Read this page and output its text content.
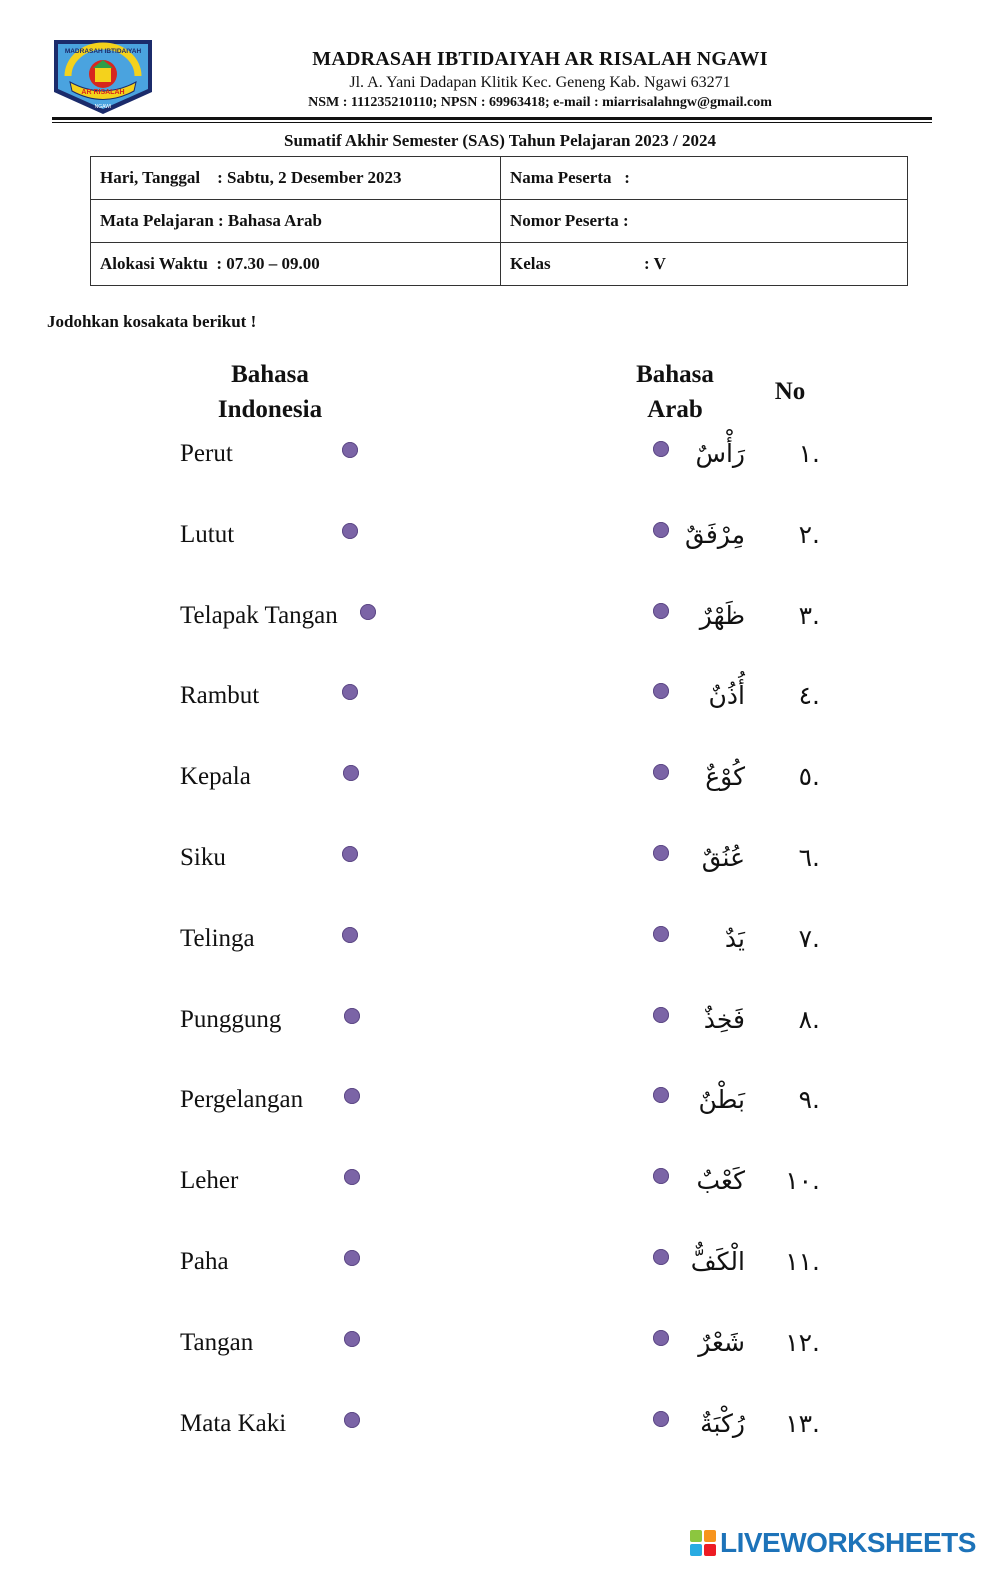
AR RISALAH
MADRASAH IBTIDAIYAH
NGAWI
MADRASAH IBTIDAIYAH AR RISALAH NGAWI
Jl. A. Yani Dadapan Klitik Kec. Geneng Kab. Ngawi 63271
NSM : 111235210110; NPSN : 69963418; e-mail : miarrisalahngw@gmail.com
Sumatif Akhir Semester (SAS) Tahun Pelajaran 2023 / 2024
Hari, Tanggal    : Sabtu, 2 Desember 2023	Nama Peserta   :
Mata Pelajaran : Bahasa Arab	Nomor Peserta :
Alokasi Waktu  : 07.30 – 09.00	Kelas : V
Jodohkan kosakata berikut !
Bahasa
Indonesia
Bahasa
Arab
No
Perut	رَأْسٌ	.١
Lutut	مِرْفَقٌ	.٢
Telapak Tangan	ظَهْرٌ	.٣
Rambut	أُذُنٌ	.٤
Kepala	كُوْعٌ	.٥
Siku	عُنُقٌ	.٦
Telinga	يَدٌ	.٧
Punggung	فَخِذٌ	.٨
Pergelangan	بَطْنٌ	.٩
Leher	كَعْبٌ	.١٠
Paha	الْكَفٌّ	.١١
Tangan	شَعْرٌ	.١٢
Mata Kaki	رُكْبَةٌ	.١٣
LIVEWORKSHEETS
